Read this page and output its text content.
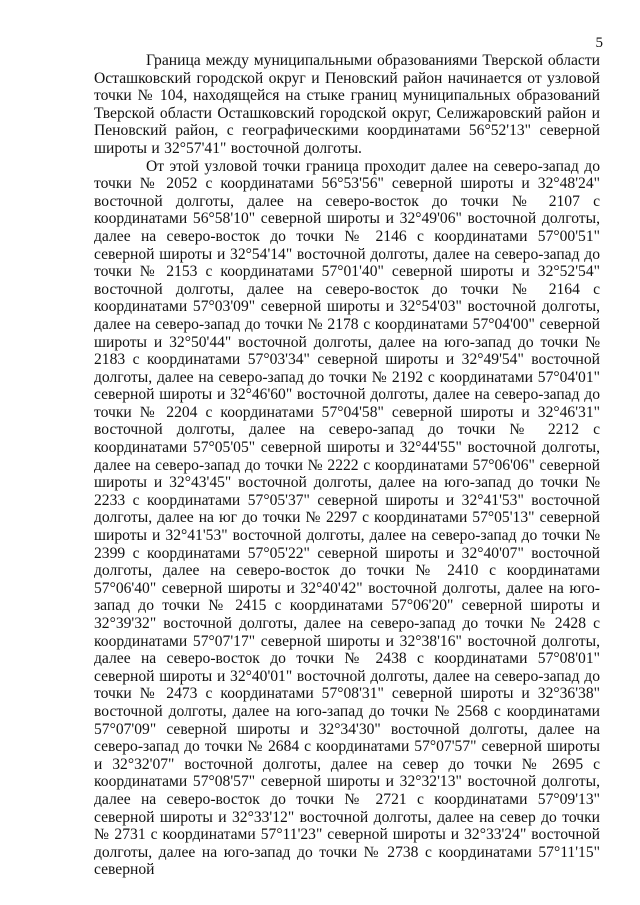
5

Граница между муниципальными образованиями Тверской области Осташковский городской округ и Пеновский район начинается от узловой точки № 104, находящейся на стыке границ муниципальных образований Тверской области Осташковский городской округ, Селижаровский район и Пеновский район, с географическими координатами 56°52'13" северной широты и 32°57'41" восточной долготы.

От этой узловой точки граница проходит далее на северо-запад до точки № 2052 с координатами 56°53'56" северной широты и 32°48'24" восточной долготы, далее на северо-восток до точки № 2107 с координатами 56°58'10" северной широты и 32°49'06" восточной долготы, далее на северо-восток до точки № 2146 с координатами 57°00'51" северной широты и 32°54'14" восточной долготы, далее на северо-запад до точки № 2153 с координатами 57°01'40" северной широты и 32°52'54" восточной долготы, далее на северо-восток до точки № 2164 с координатами 57°03'09" северной широты и 32°54'03" восточной долготы, далее на северо-запад до точки № 2178 с координатами 57°04'00" северной широты и 32°50'44" восточной долготы, далее на юго-запад до точки № 2183 с координатами 57°03'34" северной широты и 32°49'54" восточной долготы, далее на северо-запад до точки № 2192 с координатами 57°04'01" северной широты и 32°46'60" восточной долготы, далее на северо-запад до точки № 2204 с координатами 57°04'58" северной широты и 32°46'31" восточной долготы, далее на северо-запад до точки № 2212 с координатами 57°05'05" северной широты и 32°44'55" восточной долготы, далее на северо-запад до точки № 2222 с координатами 57°06'06" северной широты и 32°43'45" восточной долготы, далее на юго-запад до точки № 2233 с координатами 57°05'37" северной широты и 32°41'53" восточной долготы, далее на юг до точки № 2297 с координатами 57°05'13" северной широты и 32°41'53" восточной долготы, далее на северо-запад до точки № 2399 с координатами 57°05'22" северной широты и 32°40'07" восточной долготы, далее на северо-восток до точки № 2410 с координатами 57°06'40" северной широты и 32°40'42" восточной долготы, далее на юго-запад до точки № 2415 с координатами 57°06'20" северной широты и 32°39'32" восточной долготы, далее на северо-запад до точки № 2428 с координатами 57°07'17" северной широты и 32°38'16" восточной долготы, далее на северо-восток до точки № 2438 с координатами 57°08'01" северной широты и 32°40'01" восточной долготы, далее на северо-запад до точки № 2473 с координатами 57°08'31" северной широты и 32°36'38" восточной долготы, далее на юго-запад до точки № 2568 с координатами 57°07'09" северной широты и 32°34'30" восточной долготы, далее на северо-запад до точки № 2684 с координатами 57°07'57" северной широты и 32°32'07" восточной долготы, далее на север до точки № 2695 с координатами 57°08'57" северной широты и 32°32'13" восточной долготы, далее на северо-восток до точки № 2721 с координатами 57°09'13" северной широты и 32°33'12" восточной долготы, далее на север до точки № 2731 с координатами 57°11'23" северной широты и 32°33'24" восточной долготы, далее на юго-запад до точки № 2738 с координатами 57°11'15" северной
